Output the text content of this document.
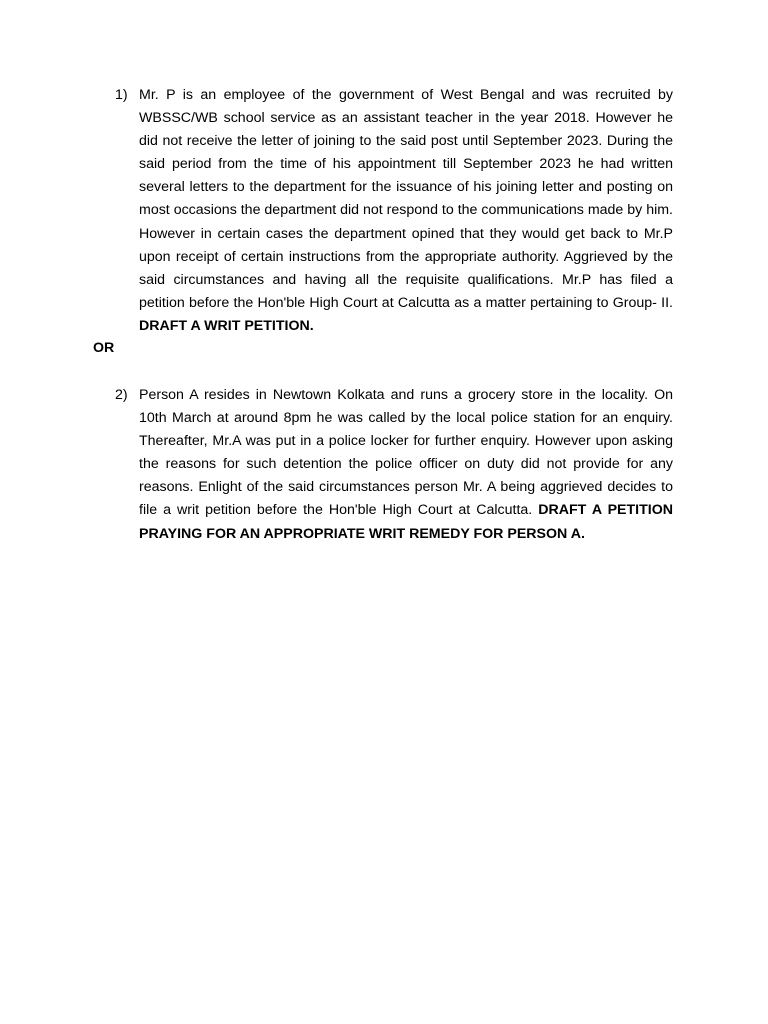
1) Mr. P is an employee of the government of West Bengal and was recruited by WBSSC/WB school service as an assistant teacher in the year 2018. However he did not receive the letter of joining to the said post until September 2023. During the said period from the time of his appointment till September 2023 he had written several letters to the department for the issuance of his joining letter and posting on most occasions the department did not respond to the communications made by him. However in certain cases the department opined that they would get back to Mr.P upon receipt of certain instructions from the appropriate authority. Aggrieved by the said circumstances and having all the requisite qualifications. Mr.P has filed a petition before the Hon'ble High Court at Calcutta as a matter pertaining to Group- II. DRAFT A WRIT PETITION.
OR
2) Person A resides in Newtown Kolkata and runs a grocery store in the locality. On 10th March at around 8pm he was called by the local police station for an enquiry. Thereafter, Mr.A was put in a police locker for further enquiry. However upon asking the reasons for such detention the police officer on duty did not provide for any reasons. Enlight of the said circumstances person Mr. A being aggrieved decides to file a writ petition before the Hon'ble High Court at Calcutta. DRAFT A PETITION PRAYING FOR AN APPROPRIATE WRIT REMEDY FOR PERSON A.
